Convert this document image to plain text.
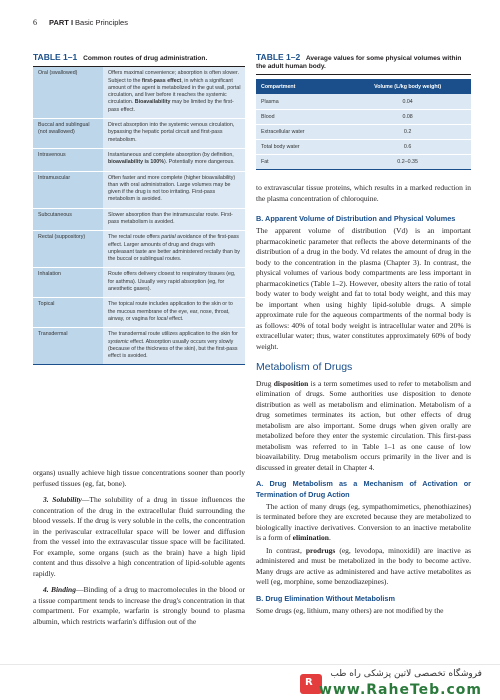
6 PART I Basic Principles
TABLE 1–1 Common routes of drug administration.
Oral (swallowed)	Offers maximal convenience; absorption is often slower. Subject to the first-pass effect, in which a significant amount of the agent is metabolized in the gut wall, portal circulation, and liver before it reaches the systemic circulation. Bioavailability may be limited by the first-pass effect.
Buccal and sublingual (not swallowed)	Direct absorption into the systemic venous circulation, bypassing the hepatic portal circuit and first-pass metabolism.
Intravenous	Instantaneous and complete absorption (by definition, bioavailability is 100%). Potentially more dangerous.
Intramuscular	Often faster and more complete (higher bioavailability) than with oral administration. Large volumes may be given if the drug is not too irritating. First-pass metabolism is avoided.
Subcutaneous	Slower absorption than the intramuscular route. First-pass metabolism is avoided.
Rectal (suppository)	The rectal route offers partial avoidance of the first-pass effect. Larger amounts of drug and drugs with unpleasant taste are better administered rectally than by the buccal or sublingual routes.
Inhalation	Route offers delivery closest to respiratory tissues (eg, for asthma). Usually very rapid absorption (eg, for anesthetic gases).
Topical	The topical route includes application to the skin or to the mucous membrane of the eye, ear, nose, throat, airway, or vagina for local effect.
Transdermal	The transdermal route utilizes application to the skin for systemic effect. Absorption usually occurs very slowly (because of the thickness of the skin), but the first-pass effect is avoided.
TABLE 1–2 Average values for some physical volumes within the adult human body.
Compartment	Volume (L/kg body weight)
Plasma	0.04
Blood	0.08
Extracellular water	0.2
Total body water	0.6
Fat	0.2–0.35

organs) usually achieve high tissue concentrations sooner than poorly perfused tissues (eg, fat, bone).

3. Solubility—The solubility of a drug in tissue influences the concentration of the drug in the extracellular fluid surrounding the blood vessels. If the drug is very soluble in the cells, the concentration in the perivascular extracellular space will be lower and diffusion from the vessel into the extravascular tissue space will be facilitated. For example, some organs (such as the brain) have a high lipid content and thus dissolve a high concentration of lipid-soluble agents rapidly.

4. Binding—Binding of a drug to macromolecules in the blood or a tissue compartment tends to increase the drug's concentration in that compartment. For example, warfarin is strongly bound to plasma albumin, which restricts warfarin's diffusion out of the

to extravascular tissue proteins, which results in a marked reduction in the plasma concentration of chloroquine.

B. Apparent Volume of Distribution and Physical Volumes

The apparent volume of distribution (Vd) is an important pharmacokinetic parameter that reflects the above determinants of the distribution of a drug in the body. Vd relates the amount of drug in the body to the concentration in the plasma (Chapter 3). In contrast, the physical volumes of various body compartments are less important in pharmacokinetics (Table 1–2). However, obesity alters the ratio of total body water to body weight and fat to total body weight, and this may be important when using highly lipid-soluble drugs. A simple approximate rule for the aqueous compartments of the normal body is as follows: 40% of total body weight is intracellular water and 20% is extracellular water; thus, water constitutes approximately 60% of body weight.

Metabolism of Drugs

Drug disposition is a term sometimes used to refer to metabolism and elimination of drugs. Some authorities use disposition to denote distribution as well as metabolism and elimination. Metabolism of a drug sometimes terminates its action, but other effects of drug metabolism are also important. Some drugs when given orally are metabolized before they enter the systemic circulation. This first-pass metabolism was referred to in Table 1–1 as one cause of low bioavailability. Drug metabolism occurs primarily in the liver and is discussed in greater detail in Chapter 4.

A. Drug Metabolism as a Mechanism of Activation or Termination of Drug Action

The action of many drugs (eg, sympathomimetics, phenothiazines) is terminated before they are excreted because they are metabolized to biologically inactive derivatives. Conversion to an inactive metabolite is a form of elimination.

In contrast, prodrugs (eg, levodopa, minoxidil) are inactive as administered and must be metabolized in the body to become active. Many drugs are active as administered and have active metabolites as well (eg, morphine, some benzodiazepines).

B. Drug Elimination Without Metabolism

Some drugs (eg, lithium, many others) are not modified by the

R
فروشگاه تخصصی لاتین پزشکی راه طب
www.RaheTeb.com
